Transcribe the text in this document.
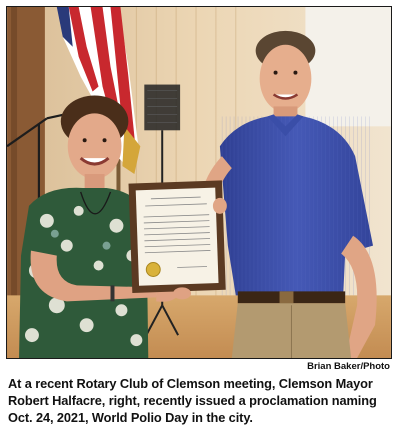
Brian Baker/Photo
At a recent Rotary Club of Clemson meeting, Clemson Mayor Robert Halfacre, right, recently issued a proclamation naming Oct. 24, 2021, World Polio Day in the city.
